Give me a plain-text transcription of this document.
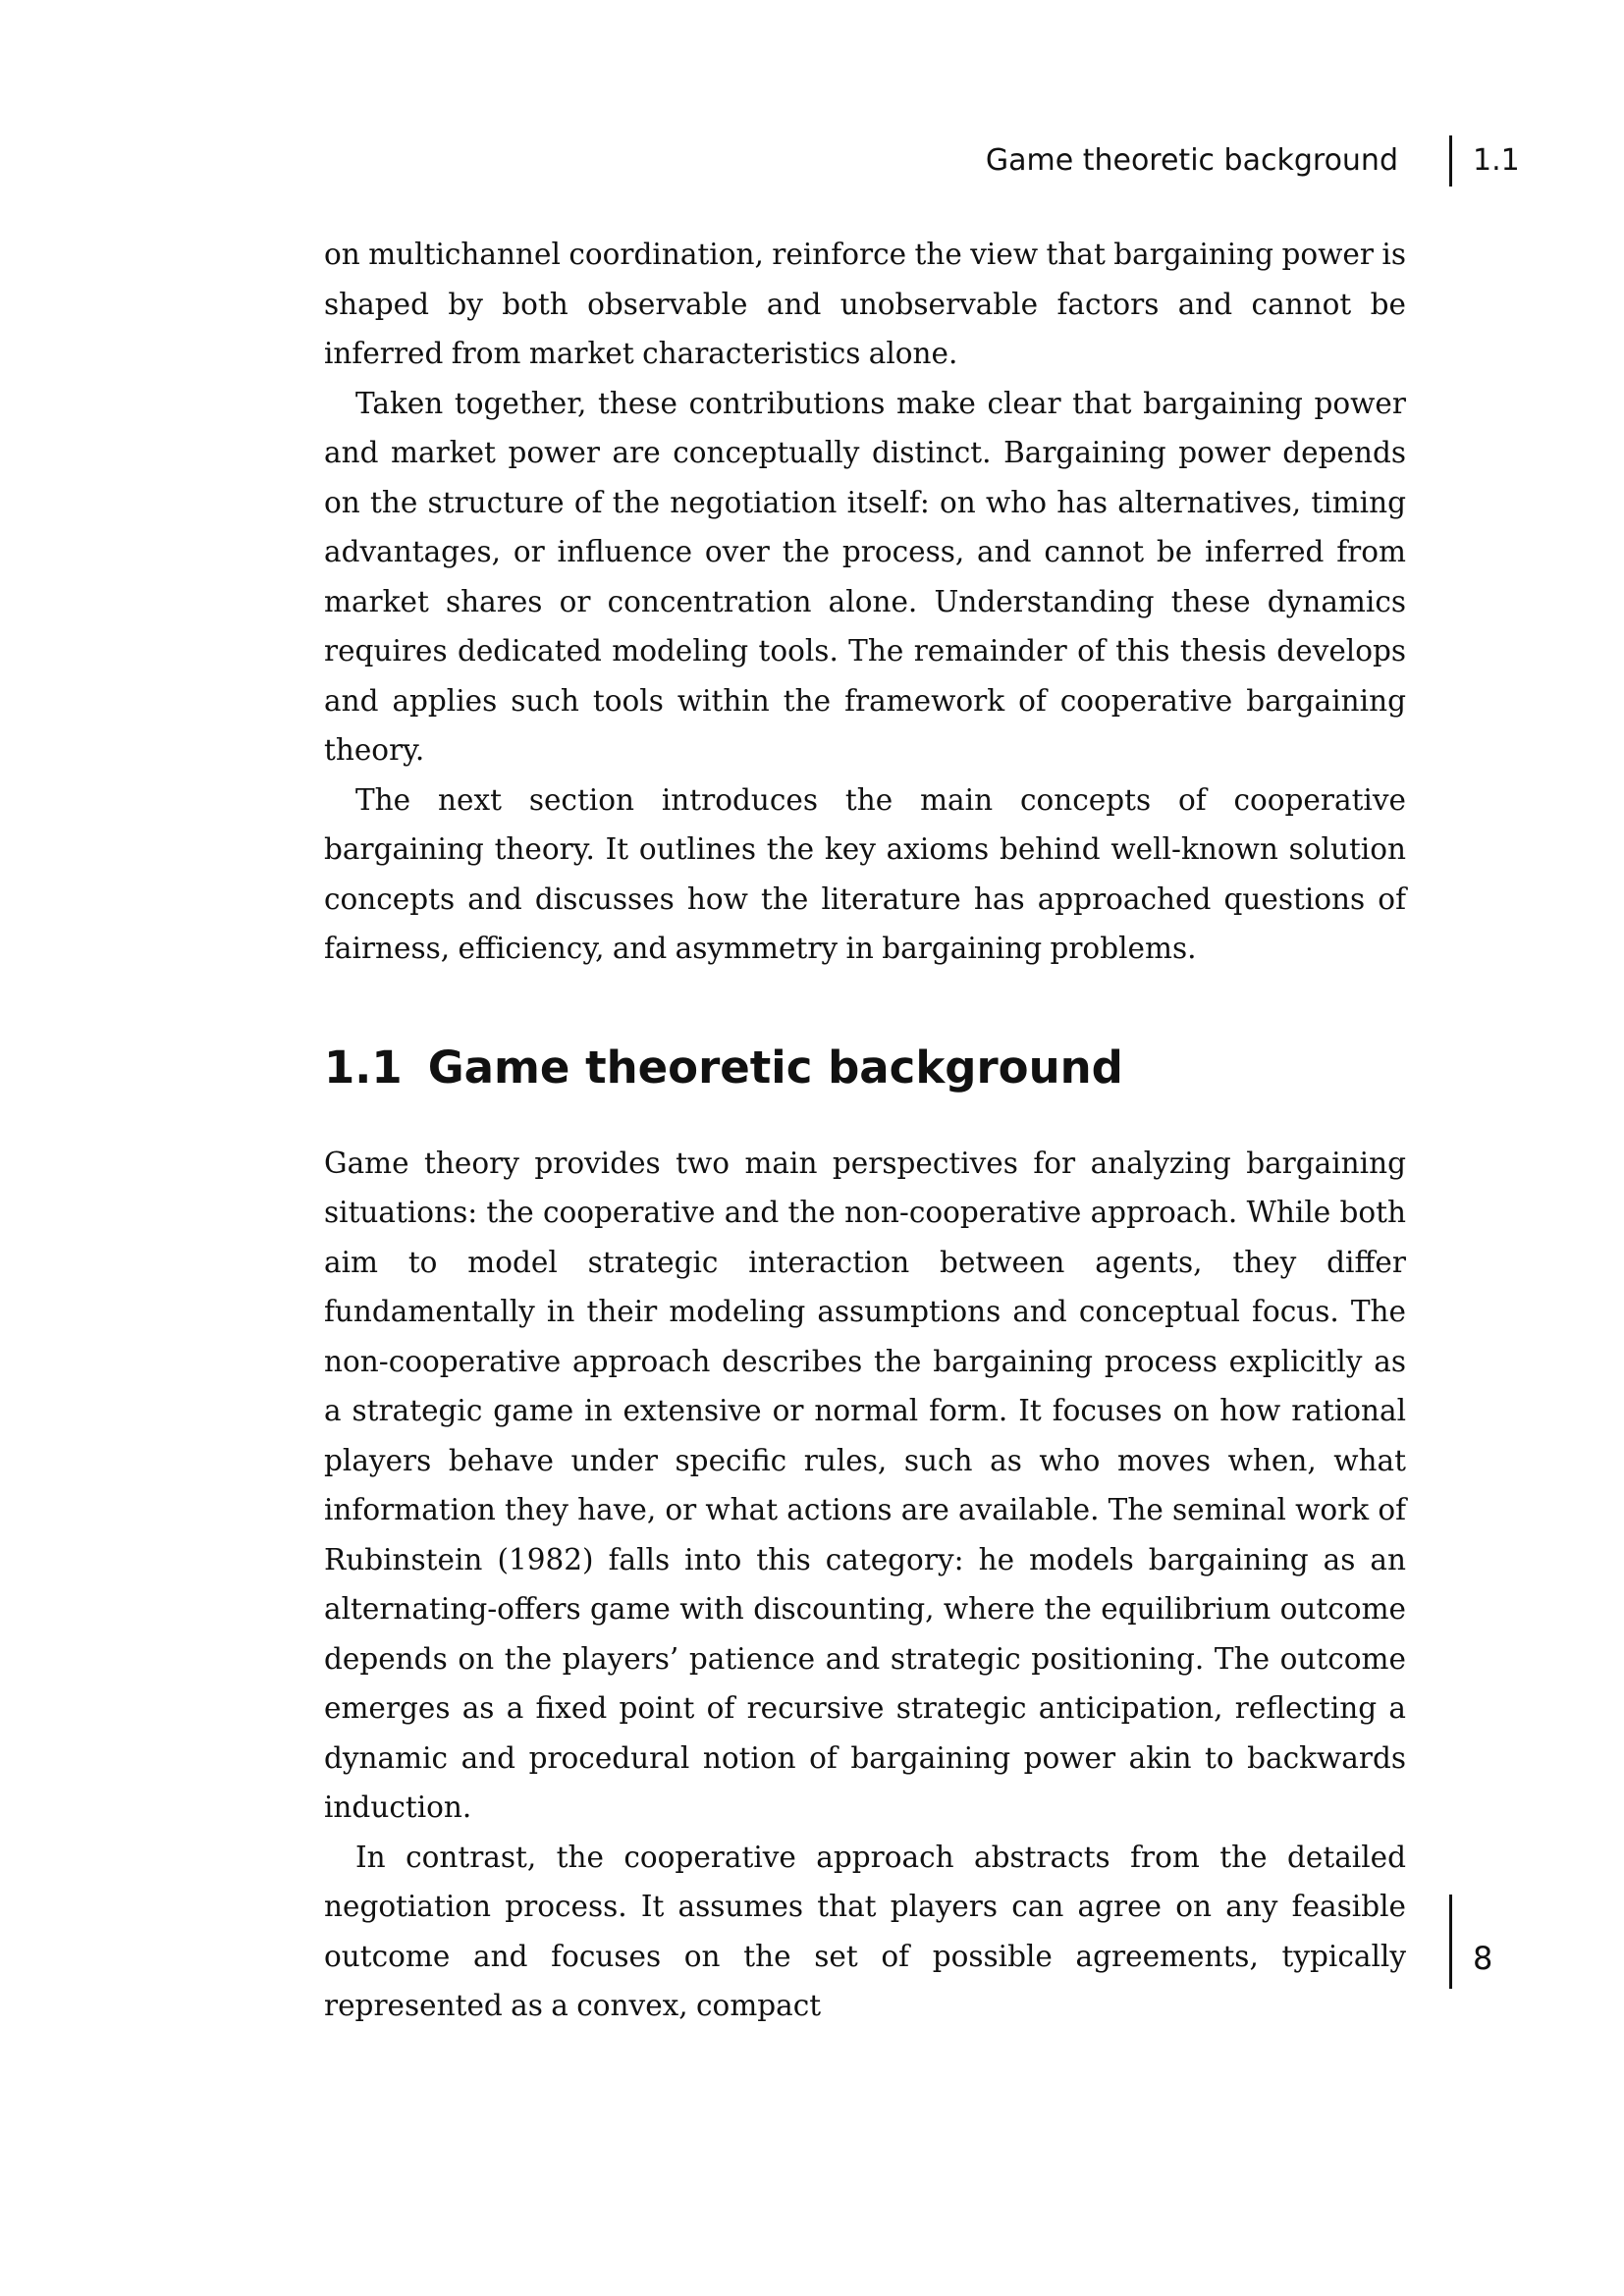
Game theoretic background	1.1

on multichannel coordination, reinforce the view that bargaining power is shaped by both observable and unobservable factors and cannot be inferred from market characteristics alone.

Taken together, these contributions make clear that bargaining power and market power are conceptually distinct. Bargaining power depends on the structure of the negotiation itself: on who has alternatives, timing advantages, or influence over the process, and cannot be inferred from market shares or concentration alone. Understanding these dynamics requires dedicated modeling tools. The remainder of this thesis develops and applies such tools within the framework of cooperative bargaining theory.

The next section introduces the main concepts of cooperative bargaining theory. It outlines the key axioms behind well-known solution concepts and discusses how the literature has approached questions of fairness, efficiency, and asymmetry in bargaining problems.

1.1 Game theoretic background

Game theory provides two main perspectives for analyzing bargaining situations: the cooperative and the non-cooperative approach. While both aim to model strategic interaction between agents, they differ fundamentally in their modeling assumptions and conceptual focus. The non-cooperative approach describes the bargaining process explicitly as a strategic game in extensive or normal form. It focuses on how rational players behave under specific rules, such as who moves when, what information they have, or what actions are available. The seminal work of Rubinstein (1982) falls into this category: he models bargaining as an alternating-offers game with discounting, where the equilibrium outcome depends on the players’ patience and strategic positioning. The outcome emerges as a fixed point of recursive strategic anticipation, reflecting a dynamic and procedural notion of bargaining power akin to backwards induction.

In contrast, the cooperative approach abstracts from the detailed negotiation process. It assumes that players can agree on any feasible outcome and focuses on the set of possible agreements, typically represented as a convex, compact

8
